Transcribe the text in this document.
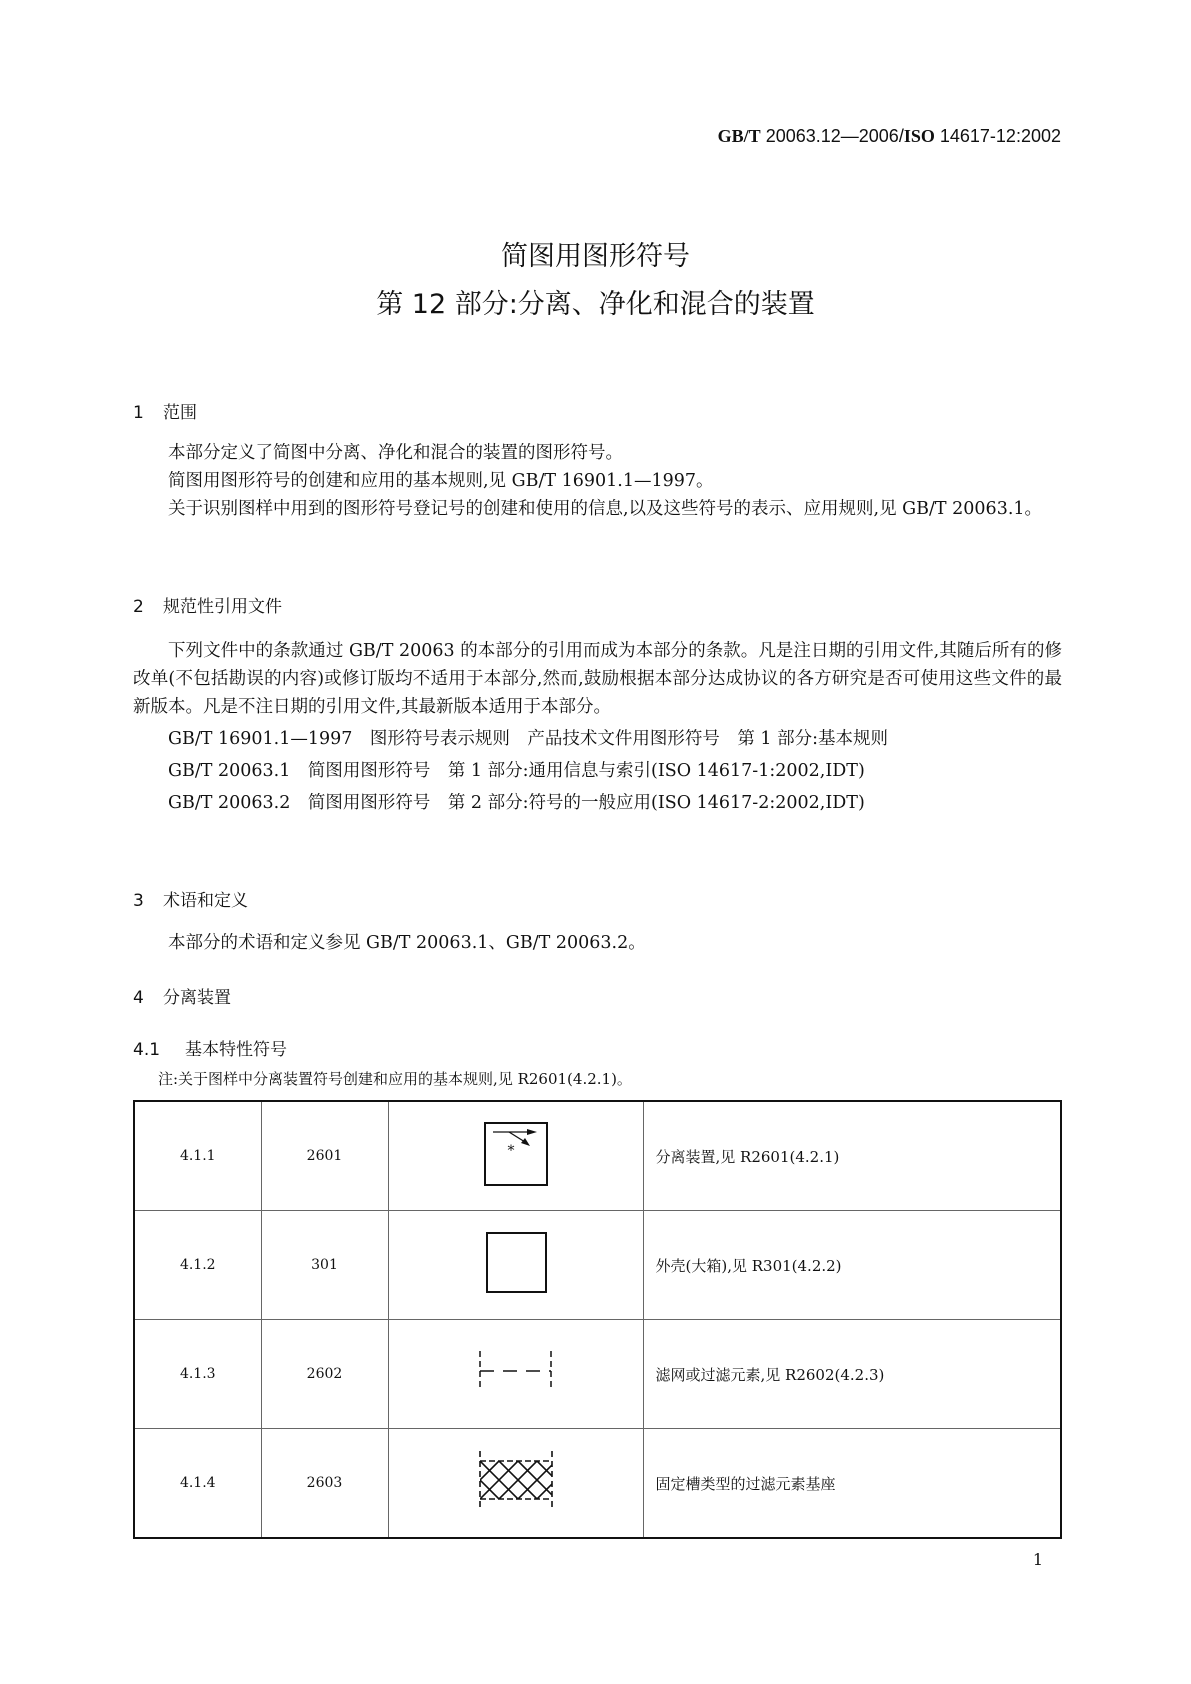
GB/T 20063.12—2006/ISO 14617-12:2002
简图用图形符号
第 12 部分:分离、净化和混合的装置
1 范围

本部分定义了简图中分离、净化和混合的装置的图形符号。

简图用图形符号的创建和应用的基本规则,见 GB/T 16901.1—1997。

关于识别图样中用到的图形符号登记号的创建和使用的信息,以及这些符号的表示、应用规则,见 GB/T 20063.1。

2 规范性引用文件

下列文件中的条款通过 GB/T 20063 的本部分的引用而成为本部分的条款。凡是注日期的引用文件,其随后所有的修改单(不包括勘误的内容)或修订版均不适用于本部分,然而,鼓励根据本部分达成协议的各方研究是否可使用这些文件的最新版本。凡是不注日期的引用文件,其最新版本适用于本部分。

GB/T 16901.1—1997　图形符号表示规则　产品技术文件用图形符号　第 1 部分:基本规则

GB/T 20063.1　简图用图形符号　第 1 部分:通用信息与索引(ISO 14617-1:2002,IDT)

GB/T 20063.2　简图用图形符号　第 2 部分:符号的一般应用(ISO 14617-2:2002,IDT)

3 术语和定义

本部分的术语和定义参见 GB/T 20063.1、GB/T 20063.2。

4 分离装置
4.1 基本特性符号
注:关于图样中分离装置符号创建和应用的基本规则,见 R2601(4.2.1)。
4.1.1	2601	*	分离装置,见 R2601(4.2.1)
4.1.2	301		外壳(大箱),见 R301(4.2.2)
4.1.3	2602		滤网或过滤元素,见 R2602(4.2.3)
4.1.4	2603		固定槽类型的过滤元素基座
1
